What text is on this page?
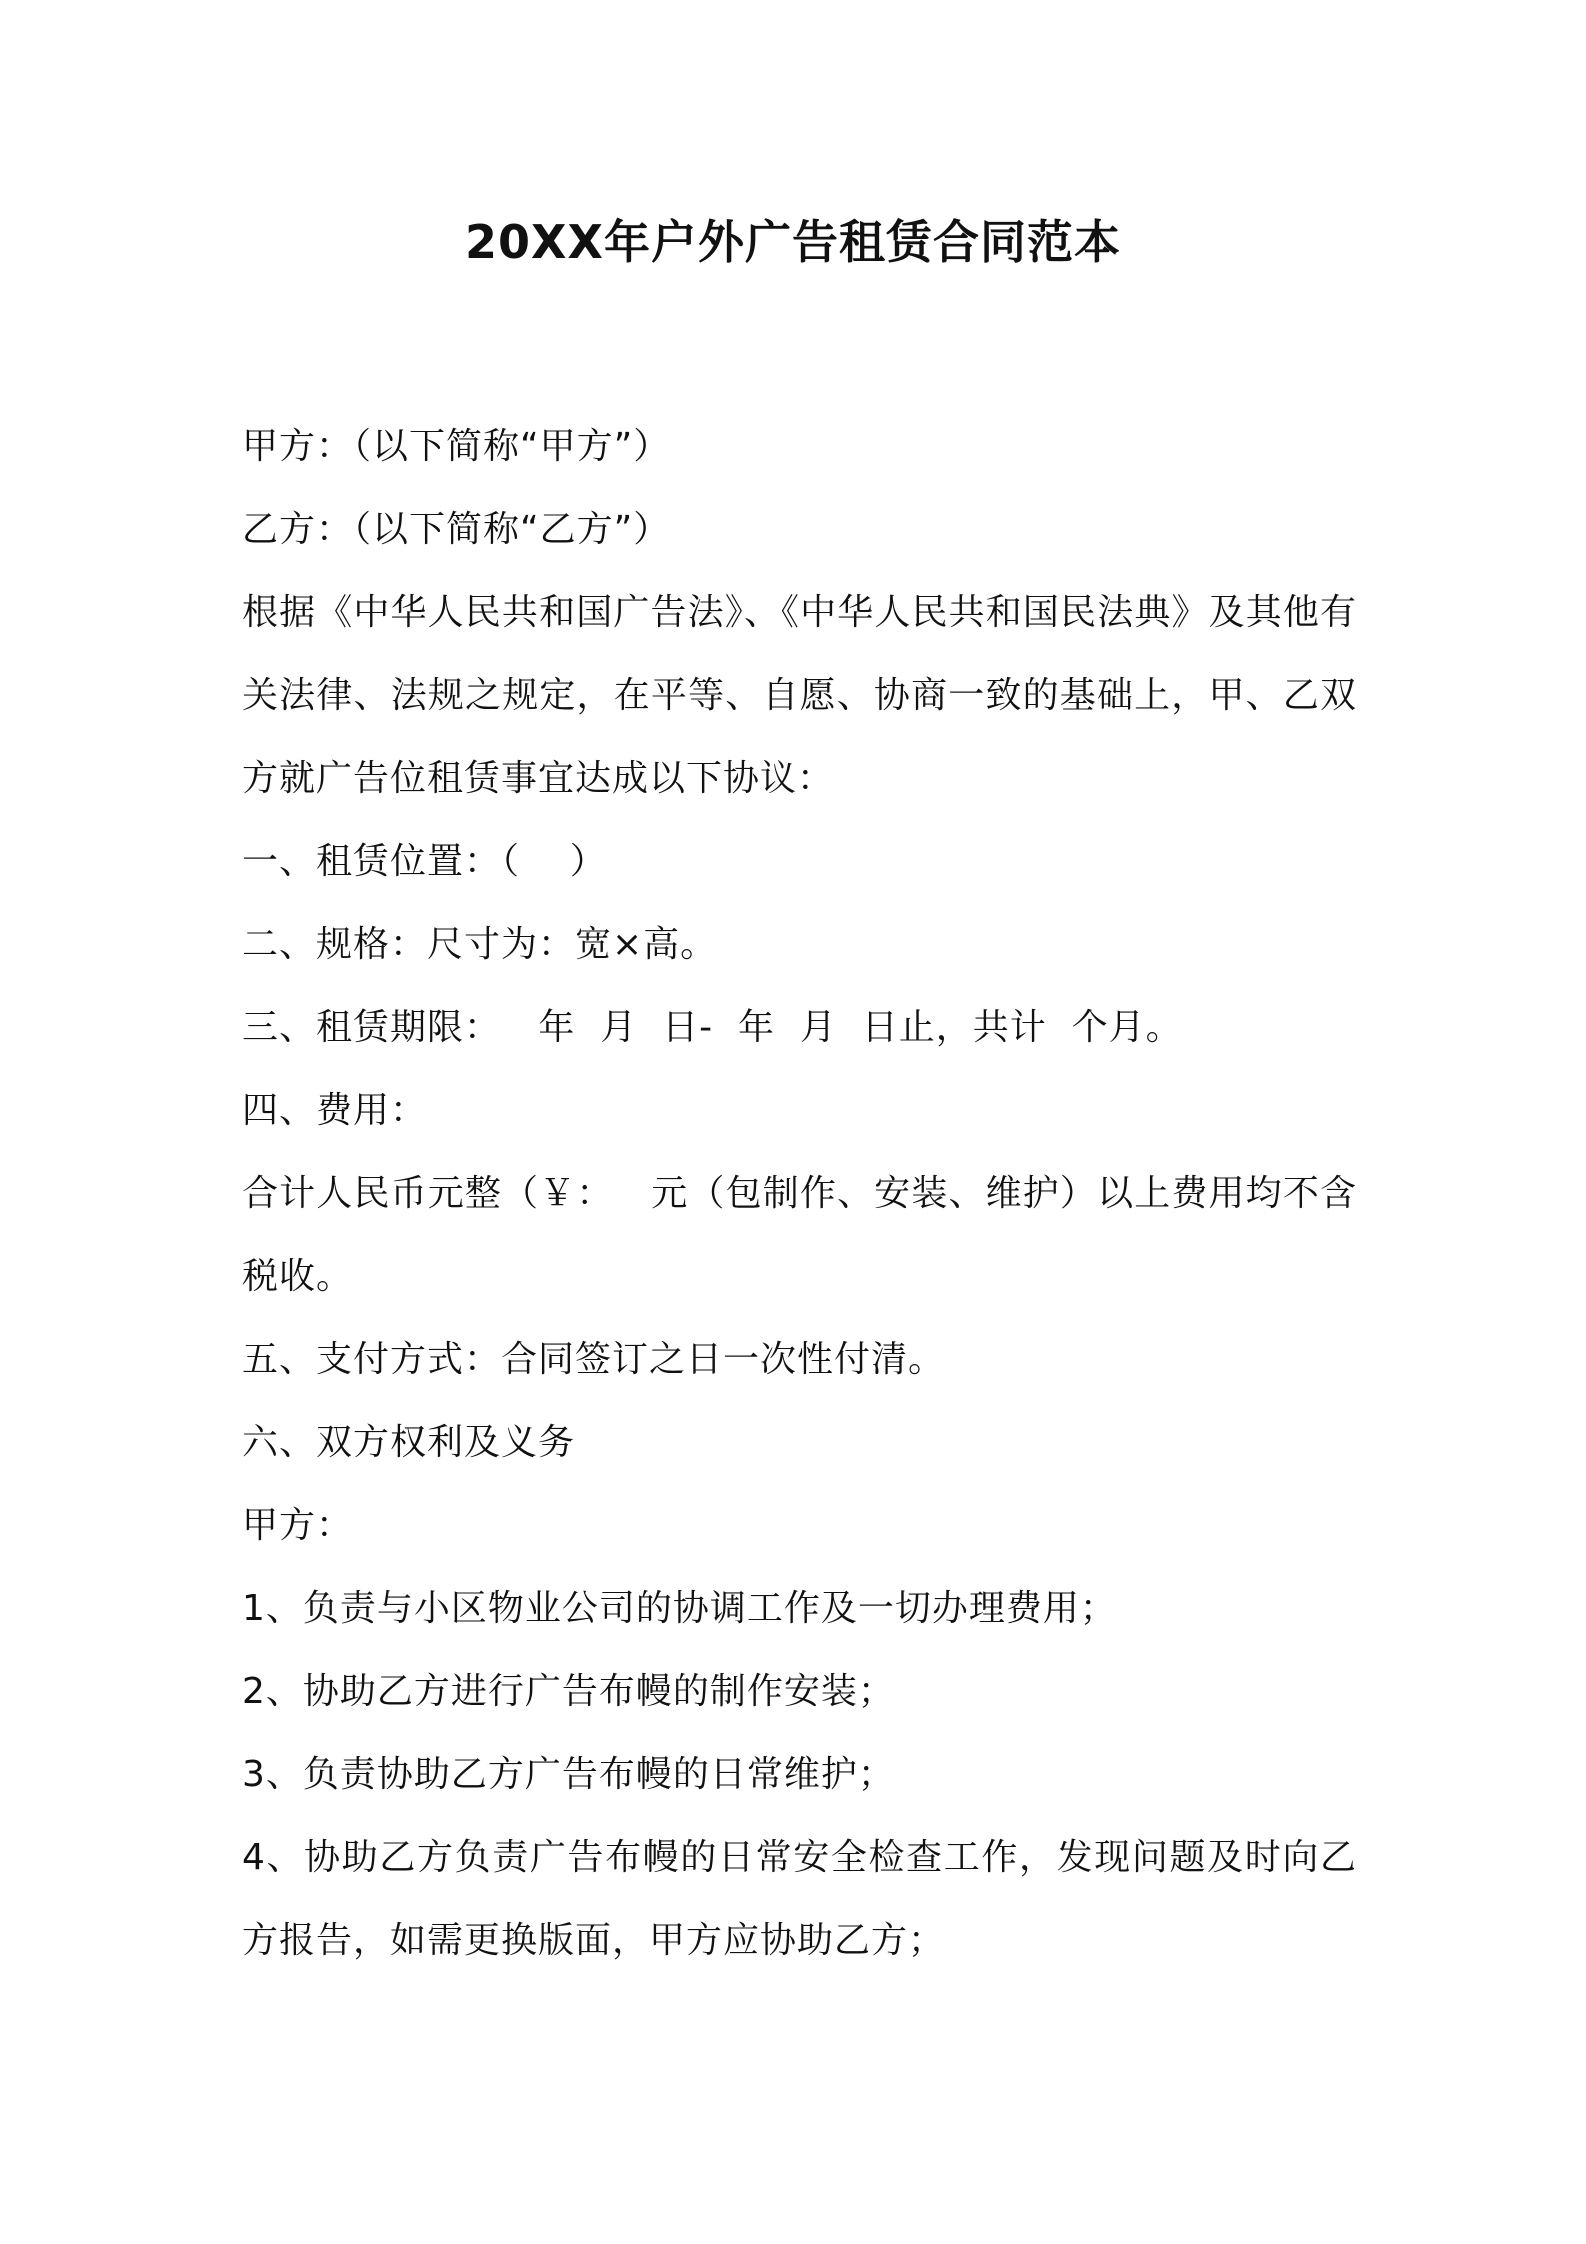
20XX年户外广告租赁合同范本

甲方：（以下简称“甲方”）

乙方：（以下简称“乙方”）

根据《中华人民共和国广告法》、《中华人民共和国民法典》及其他有关法律、法规之规定，在平等、自愿、协商一致的基础上，甲、乙双方就广告位租赁事宜达成以下协议：

一、租赁位置：（    ）

二、规格：尺寸为：宽×高。

三、租赁期限：   年  月  日-  年  月  日止，共计  个月。

四、费用：

合计人民币元整（￥：   元（包制作、安装、维护）以上费用均不含税收。

五、支付方式：合同签订之日一次性付清。

六、双方权利及义务

甲方：

1、负责与小区物业公司的协调工作及一切办理费用；

2、协助乙方进行广告布幔的制作安装；

3、负责协助乙方广告布幔的日常维护；

4、协助乙方负责广告布幔的日常安全检查工作，发现问题及时向乙方报告，如需更换版面，甲方应协助乙方；
